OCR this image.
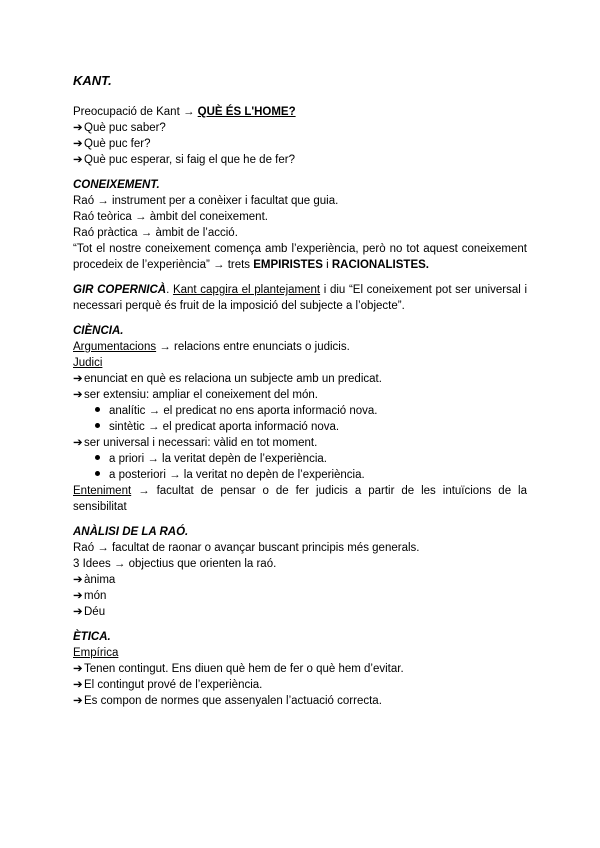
KANT.

Preocupació de Kant → QUÈ ÉS L'HOME?

➔Què puc saber?
➔Què puc fer?
➔Què puc esperar, si faig el que he de fer?

CONEIXEMENT.

Raó → instrument per a conèixer i facultat que guia.

Raó teòrica → àmbit del coneixement.

Raó pràctica → àmbit de l’acció.

“Tot el nostre coneixement comença amb l’experiència, però no tot aquest coneixement procedeix de l’experiència” → trets EMPIRISTES i RACIONALISTES.

GIR COPERNICÀ. Kant capgira el plantejament i diu “El coneixement pot ser universal i necessari perquè és fruit de la imposició del subjecte a l’objecte”.

CIÈNCIA.

Argumentacions → relacions entre enunciats o judicis.

Judici

➔enunciat en què es relaciona un subjecte amb un predicat.
➔ser extensiu: ampliar el coneixement del món.
analític → el predicat no ens aporta informació nova.
sintètic → el predicat aporta informació nova.
➔ser universal i necessari: vàlid en tot moment.
a priori → la veritat depèn de l’experiència.
a posteriori → la veritat no depèn de l’experiència.

Enteniment → facultat de pensar o de fer judicis a partir de les intuïcions de la sensibilitat

ANÀLISI DE LA RAÓ.

Raó → facultat de raonar o avançar buscant principis més generals.

3 Idees → objectius que orienten la raó.

➔ànima
➔món
➔Déu

ÈTICA.

Empírica

➔Tenen contingut. Ens diuen què hem de fer o què hem d’evitar.
➔El contingut prové de l’experiència.
➔Es compon de normes que assenyalen l’actuació correcta.
